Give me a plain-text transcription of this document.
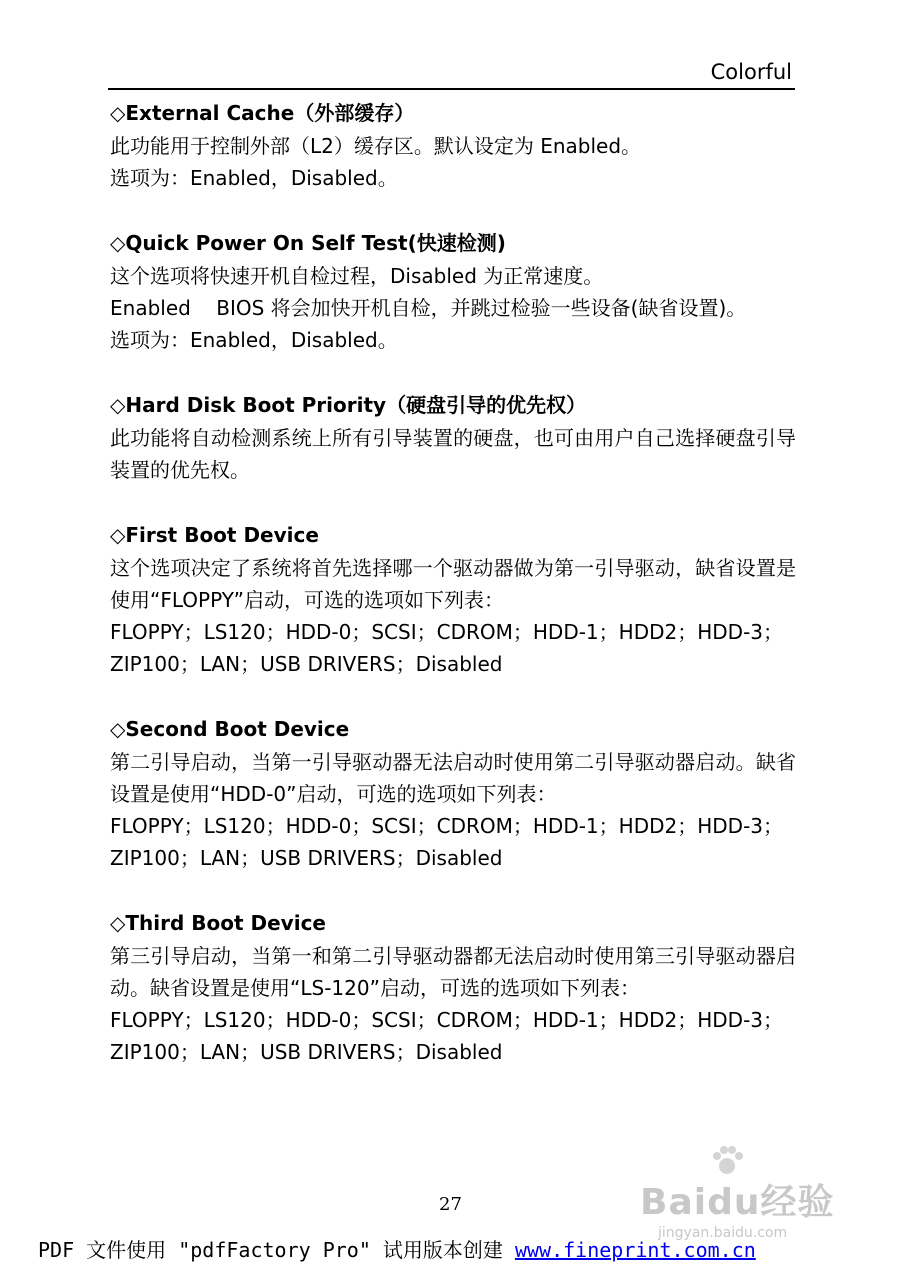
Colorful
◇External Cache（外部缓存）
此功能用于控制外部（L2）缓存区。默认设定为 Enabled。
选项为：Enabled，Disabled。
◇Quick Power On Self Test(快速检测)
这个选项将快速开机自检过程，Disabled 为正常速度。
Enabled    BIOS 将会加快开机自检，并跳过检验一些设备(缺省设置)。
选项为：Enabled，Disabled。
◇Hard Disk Boot Priority（硬盘引导的优先权）
此功能将自动检测系统上所有引导装置的硬盘，也可由用户自己选择硬盘引导装置的优先权。
◇First Boot Device
这个选项决定了系统将首先选择哪一个驱动器做为第一引导驱动，缺省设置是使用“FLOPPY”启动，可选的选项如下列表：
FLOPPY；LS120；HDD-0；SCSI；CDROM；HDD-1；HDD2；HDD-3；
ZIP100；LAN；USB DRIVERS；Disabled
◇Second Boot Device
第二引导启动，当第一引导驱动器无法启动时使用第二引导驱动器启动。缺省设置是使用“HDD-0”启动，可选的选项如下列表：
FLOPPY；LS120；HDD-0；SCSI；CDROM；HDD-1；HDD2；HDD-3；
ZIP100；LAN；USB DRIVERS；Disabled
◇Third Boot Device
第三引导启动，当第一和第二引导驱动器都无法启动时使用第三引导驱动器启动。缺省设置是使用“LS-120”启动，可选的选项如下列表：
FLOPPY；LS120；HDD-0；SCSI；CDROM；HDD-1；HDD2；HDD-3；
ZIP100；LAN；USB DRIVERS；Disabled
Baidu经验
jingyan.baidu.com
27
PDF 文件使用 "pdfFactory Pro" 试用版本创建 www.fineprint.com.cn
